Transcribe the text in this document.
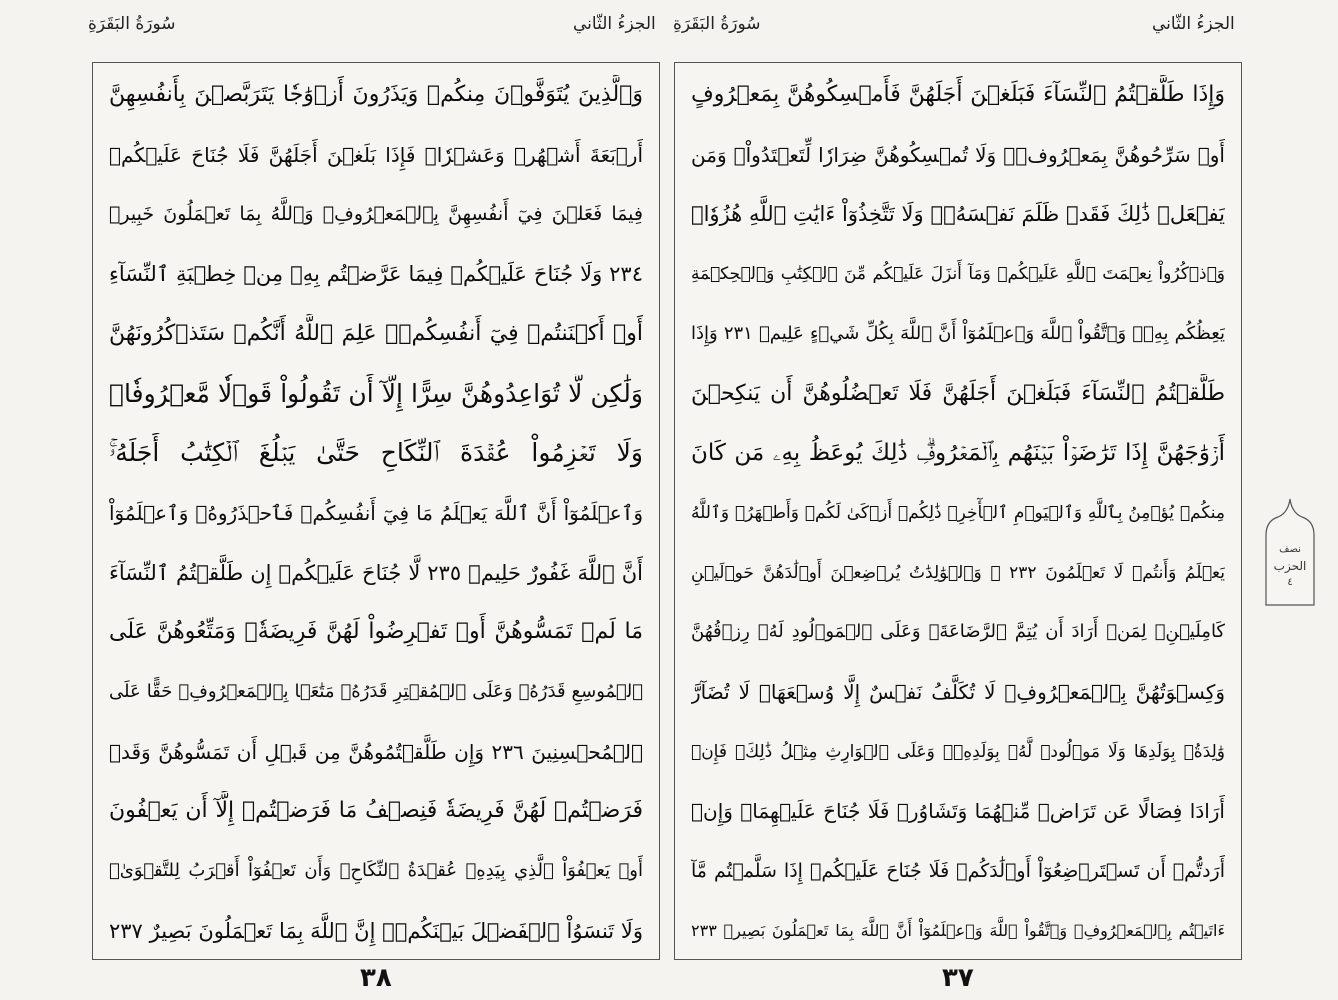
سُورَةُ البَقَرَةِ	الجزءُ الثّاني سُورَةُ البَقَرَةِ	الجزءُ الثّاني
وَٱلَّذِينَ يُتَوَفَّوۡنَ مِنكُمۡ وَيَذَرُونَ أَزۡوَٰجٗا يَتَرَبَّصۡنَ بِأَنفُسِهِنَّ
أَرۡبَعَةَ أَشۡهُرٖ وَعَشۡرٗاۖ فَإِذَا بَلَغۡنَ أَجَلَهُنَّ فَلَا جُنَاحَ عَلَيۡكُمۡ
فِيمَا فَعَلۡنَ فِيٓ أَنفُسِهِنَّ بِٱلۡمَعۡرُوفِۗ وَٱللَّهُ بِمَا تَعۡمَلُونَ خَبِيرٞ
٢٣٤ وَلَا جُنَاحَ عَلَيۡكُمۡ فِيمَا عَرَّضۡتُم بِهِۦ مِنۡ خِطۡبَةِ ٱلنِّسَآءِ
أَوۡ أَكۡنَنتُمۡ فِيٓ أَنفُسِكُمۡۚ عَلِمَ ٱللَّهُ أَنَّكُمۡ سَتَذۡكُرُونَهُنَّ
وَلَٰكِن لَّا تُوَاعِدُوهُنَّ سِرًّا إِلَّآ أَن تَقُولُواْ قَوۡلٗا مَّعۡرُوفٗاۚ
وَلَا تَعۡزِمُواْ عُقۡدَةَ ٱلنِّكَاحِ حَتَّىٰ يَبۡلُغَ ٱلۡكِتَٰبُ أَجَلَهُۥۚ
وَٱعۡلَمُوٓاْ أَنَّ ٱللَّهَ يَعۡلَمُ مَا فِيٓ أَنفُسِكُمۡ فَٱحۡذَرُوهُۚ وَٱعۡلَمُوٓاْ
أَنَّ ٱللَّهَ غَفُورٌ حَلِيمٞ ٢٣٥ لَّا جُنَاحَ عَلَيۡكُمۡ إِن طَلَّقۡتُمُ ٱلنِّسَآءَ
مَا لَمۡ تَمَسُّوهُنَّ أَوۡ تَفۡرِضُواْ لَهُنَّ فَرِيضَةٗۚ وَمَتِّعُوهُنَّ عَلَى
ٱلۡمُوسِعِ قَدَرُهُۥ وَعَلَى ٱلۡمُقۡتِرِ قَدَرُهُۥ مَتَٰعَۢا بِٱلۡمَعۡرُوفِۖ حَقًّا عَلَى
ٱلۡمُحۡسِنِينَ ٢٣٦ وَإِن طَلَّقۡتُمُوهُنَّ مِن قَبۡلِ أَن تَمَسُّوهُنَّ وَقَدۡ
فَرَضۡتُمۡ لَهُنَّ فَرِيضَةٗ فَنِصۡفُ مَا فَرَضۡتُمۡ إِلَّآ أَن يَعۡفُونَ
أَوۡ يَعۡفُوَاْ ٱلَّذِي بِيَدِهِۦ عُقۡدَةُ ٱلنِّكَاحِۚ وَأَن تَعۡفُوٓاْ أَقۡرَبُ لِلتَّقۡوَىٰۚ
وَلَا تَنسَوُاْ ٱلۡفَضۡلَ بَيۡنَكُمۡۚ إِنَّ ٱللَّهَ بِمَا تَعۡمَلُونَ بَصِيرٌ ٢٣٧
وَإِذَا طَلَّقۡتُمُ ٱلنِّسَآءَ فَبَلَغۡنَ أَجَلَهُنَّ فَأَمۡسِكُوهُنَّ بِمَعۡرُوفٍ
أَوۡ سَرِّحُوهُنَّ بِمَعۡرُوفٖۚ وَلَا تُمۡسِكُوهُنَّ ضِرَارٗا لِّتَعۡتَدُواْۚ وَمَن
يَفۡعَلۡ ذَٰلِكَ فَقَدۡ ظَلَمَ نَفۡسَهُۥۚ وَلَا تَتَّخِذُوٓاْ ءَايَٰتِ ٱللَّهِ هُزُوٗاۚ
وَٱذۡكُرُواْ نِعۡمَتَ ٱللَّهِ عَلَيۡكُمۡ وَمَآ أَنزَلَ عَلَيۡكُم مِّنَ ٱلۡكِتَٰبِ وَٱلۡحِكۡمَةِ
يَعِظُكُم بِهِۦۚ وَٱتَّقُواْ ٱللَّهَ وَٱعۡلَمُوٓاْ أَنَّ ٱللَّهَ بِكُلِّ شَيۡءٍ عَلِيمٞ ٢٣١ وَإِذَا
طَلَّقۡتُمُ ٱلنِّسَآءَ فَبَلَغۡنَ أَجَلَهُنَّ فَلَا تَعۡضُلُوهُنَّ أَن يَنكِحۡنَ
أَزۡوَٰجَهُنَّ إِذَا تَرَٰضَوۡاْ بَيۡنَهُم بِٱلۡمَعۡرُوفِۗ ذَٰلِكَ يُوعَظُ بِهِۦ مَن كَانَ
مِنكُمۡ يُؤۡمِنُ بِٱللَّهِ وَٱلۡيَوۡمِ ٱلۡأٓخِرِۗ ذَٰلِكُمۡ أَزۡكَىٰ لَكُمۡ وَأَطۡهَرُۚ وَٱللَّهُ
يَعۡلَمُ وَأَنتُمۡ لَا تَعۡلَمُونَ ٢٣٢ ۞ وَٱلۡوَٰلِدَٰتُ يُرۡضِعۡنَ أَوۡلَٰدَهُنَّ حَوۡلَيۡنِ
كَامِلَيۡنِۖ لِمَنۡ أَرَادَ أَن يُتِمَّ ٱلرَّضَاعَةَۚ وَعَلَى ٱلۡمَوۡلُودِ لَهُۥ رِزۡقُهُنَّ
وَكِسۡوَتُهُنَّ بِٱلۡمَعۡرُوفِۚ لَا تُكَلَّفُ نَفۡسٌ إِلَّا وُسۡعَهَاۚ لَا تُضَآرَّ
وَٰلِدَةُۢ بِوَلَدِهَا وَلَا مَوۡلُودٞ لَّهُۥ بِوَلَدِهِۦۚ وَعَلَى ٱلۡوَارِثِ مِثۡلُ ذَٰلِكَۗ فَإِنۡ
أَرَادَا فِصَالًا عَن تَرَاضٖ مِّنۡهُمَا وَتَشَاوُرٖ فَلَا جُنَاحَ عَلَيۡهِمَاۗ وَإِنۡ
أَرَدتُّمۡ أَن تَسۡتَرۡضِعُوٓاْ أَوۡلَٰدَكُمۡ فَلَا جُنَاحَ عَلَيۡكُمۡ إِذَا سَلَّمۡتُم مَّآ
ءَاتَيۡتُم بِٱلۡمَعۡرُوفِۗ وَٱتَّقُواْ ٱللَّهَ وَٱعۡلَمُوٓاْ أَنَّ ٱللَّهَ بِمَا تَعۡمَلُونَ بَصِيرٞ ٢٣٣
نصف
الحزب
٤
٣٨	٣٧
